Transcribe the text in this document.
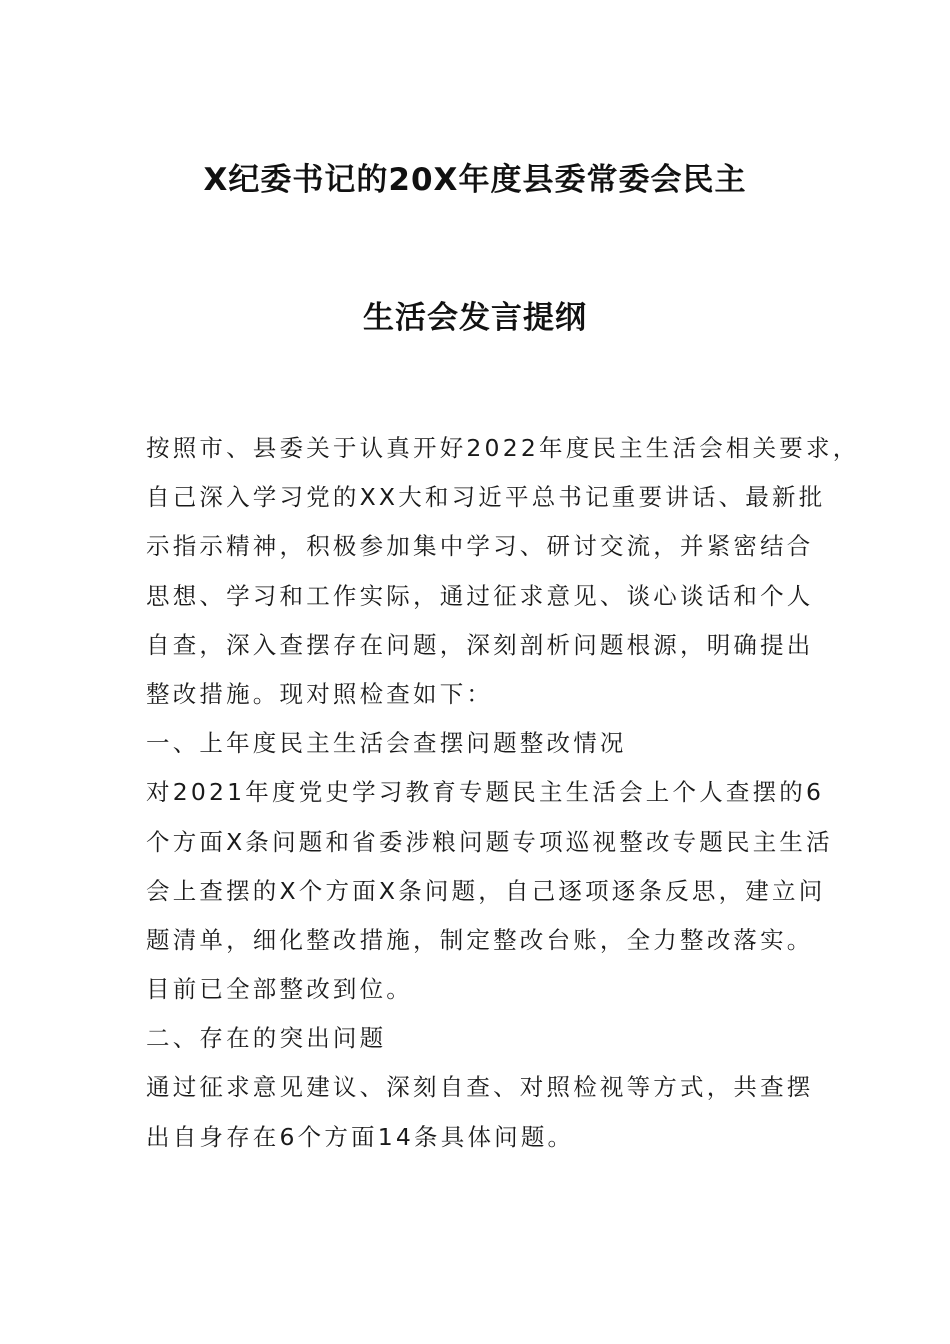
X纪委书记的20X年度县委常委会民主
生活会发言提纲
按照市、县委关于认真开好2022年度民主生活会相关要求，
自己深入学习党的XX大和习近平总书记重要讲话、最新批
示指示精神，积极参加集中学习、研讨交流，并紧密结合
思想、学习和工作实际，通过征求意见、谈心谈话和个人
自查，深入查摆存在问题，深刻剖析问题根源，明确提出
整改措施。现对照检查如下：
一、上年度民主生活会查摆问题整改情况
对2021年度党史学习教育专题民主生活会上个人查摆的6
个方面X条问题和省委涉粮问题专项巡视整改专题民主生活
会上查摆的X个方面X条问题，自己逐项逐条反思，建立问
题清单，细化整改措施，制定整改台账，全力整改落实。
目前已全部整改到位。
二、存在的突出问题
通过征求意见建议、深刻自查、对照检视等方式，共查摆
出自身存在6个方面14条具体问题。
